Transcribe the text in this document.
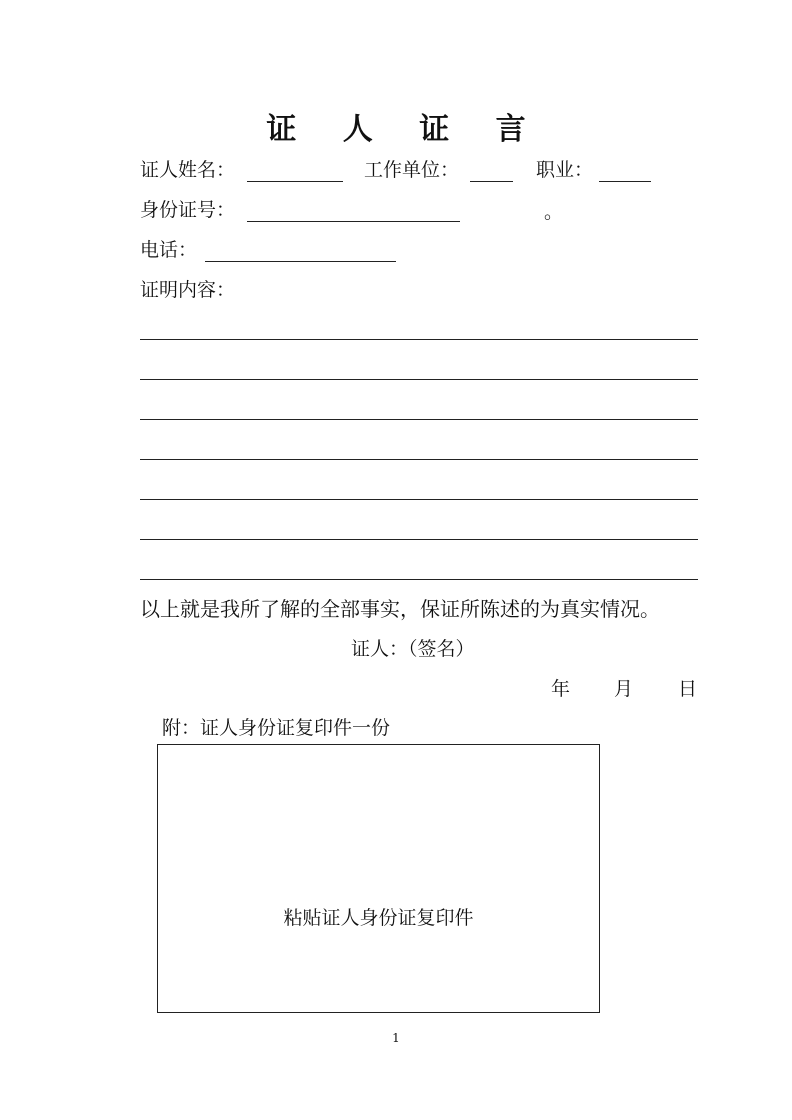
证 人 证 言
证人姓名：	工作单位：	职业：
身份证号：	。
电话：
证明内容：
以上就是我所了解的全部事实，保证所陈述的为真实情况。
证人：（签名）
年 月 日
附：证人身份证复印件一份
粘贴证人身份证复印件
1
